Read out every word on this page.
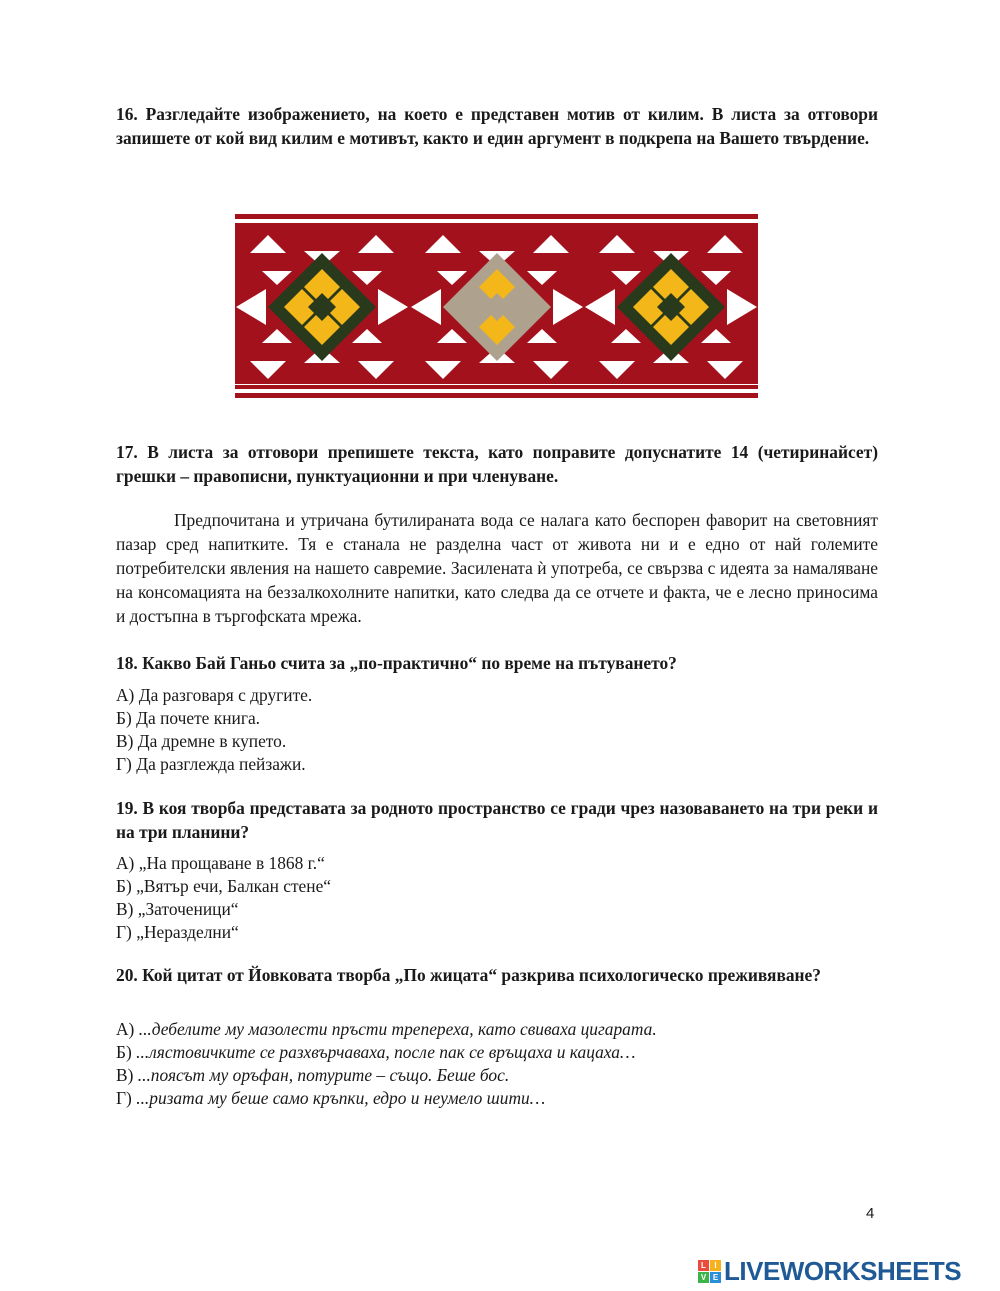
16. Разгледайте изображението, на което е представен мотив от килим. В листа за отговори запишете от кой вид килим е мотивът, както и един аргумент в подкрепа на Вашето твърдение.
17. В листа за отговори препишете текста, като поправите допуснатите 14 (четиринайсет) грешки – правописни, пунктуационни и при членуване.
Предпочитана и утричана бутилираната вода се налага като беспорен фаворит на световният пазар сред напитките. Тя е станала не разделна част от живота ни и е едно от най големите потребителски явления на нашето савремие. Засилената ѝ употреба, се свързва с идеята за намаляване на консомацията на беззалкохолните напитки, като следва да се отчете и факта, че е лесно приносима и достъпна в търгофската мрежа.
18. Какво Бай Ганьо счита за „по-практично“ по време на пътуването?
А) Да разговаря с другите.
Б) Да почете книга.
В) Да дремне в купето.
Г) Да разглежда пейзажи.
19. В коя творба представата за родното пространство се гради чрез назоваването на три реки и на три планини?
А) „На прощаване в 1868 г.“
Б) „Вятър ечи, Балкан стене“
В) „Заточеници“
Г) „Неразделни“
20. Кой цитат от Йовковата творба „По жицата“ разкрива психологическо преживяване?
А) ...дебелите му мазолести пръсти трепереха, като свиваха цигарата.
Б) ...лястовичките се разхвърчаваха, после пак се връщаха и кацаха…
В) ...поясът му оръфан, потурите – също. Беше бос.
Г) ...ризата му беше само кръпки, едро и неумело шити…
4
L	I
V E LIVEWORKSHEETS
